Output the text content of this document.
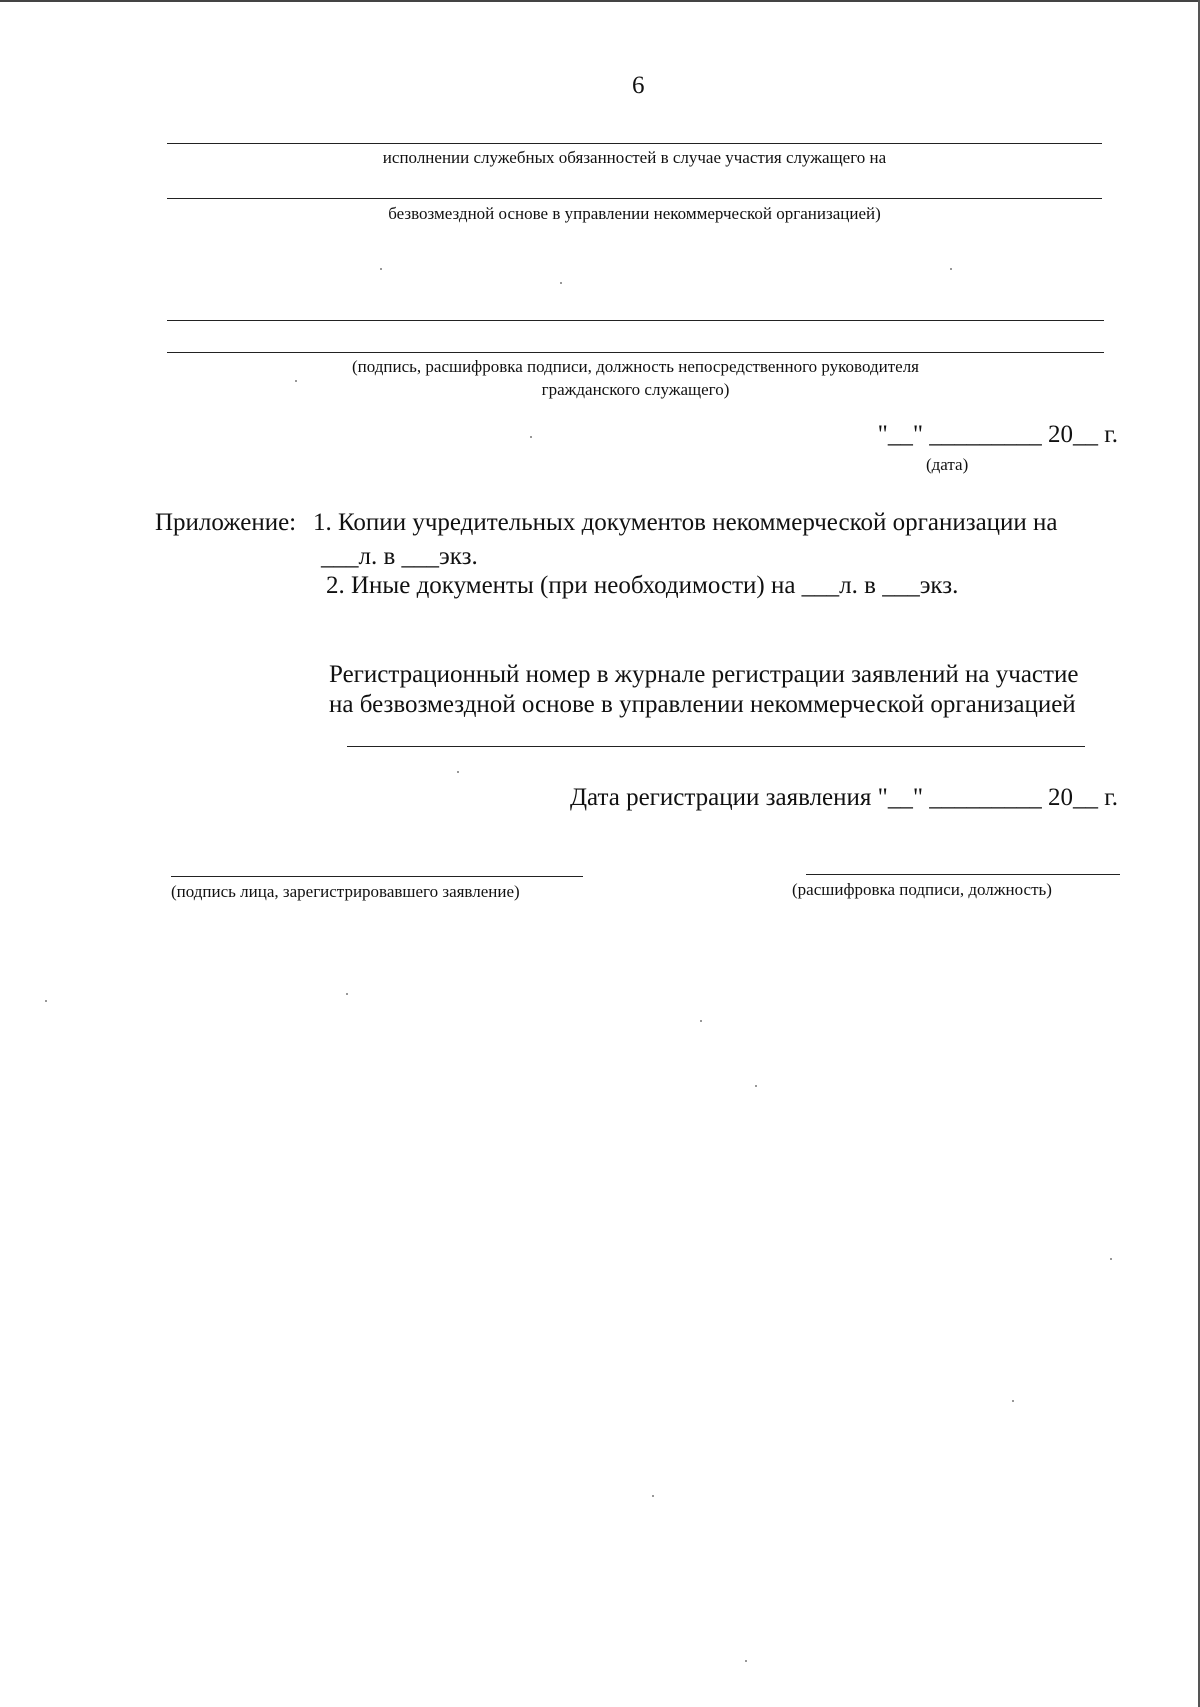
6
исполнении служебных обязанностей в случае участия служащего на
безвозмездной основе в управлении некоммерческой организацией)
(подпись, расшифровка подписи, должность непосредственного руководителя
гражданского служащего)
"__" _________ 20__ г.
(дата)
Приложение: 1. Копии учредительных документов некоммерческой организации на
___л. в ___экз.
2. Иные документы (при необходимости) на ___л. в ___экз.
Регистрационный номер в журнале регистрации заявлений на участие
на безвозмездной основе в управлении некоммерческой организацией
Дата регистрации заявления "__" _________ 20__ г.
(подпись лица, зарегистрировавшего заявление)	(расшифровка подписи, должность)
